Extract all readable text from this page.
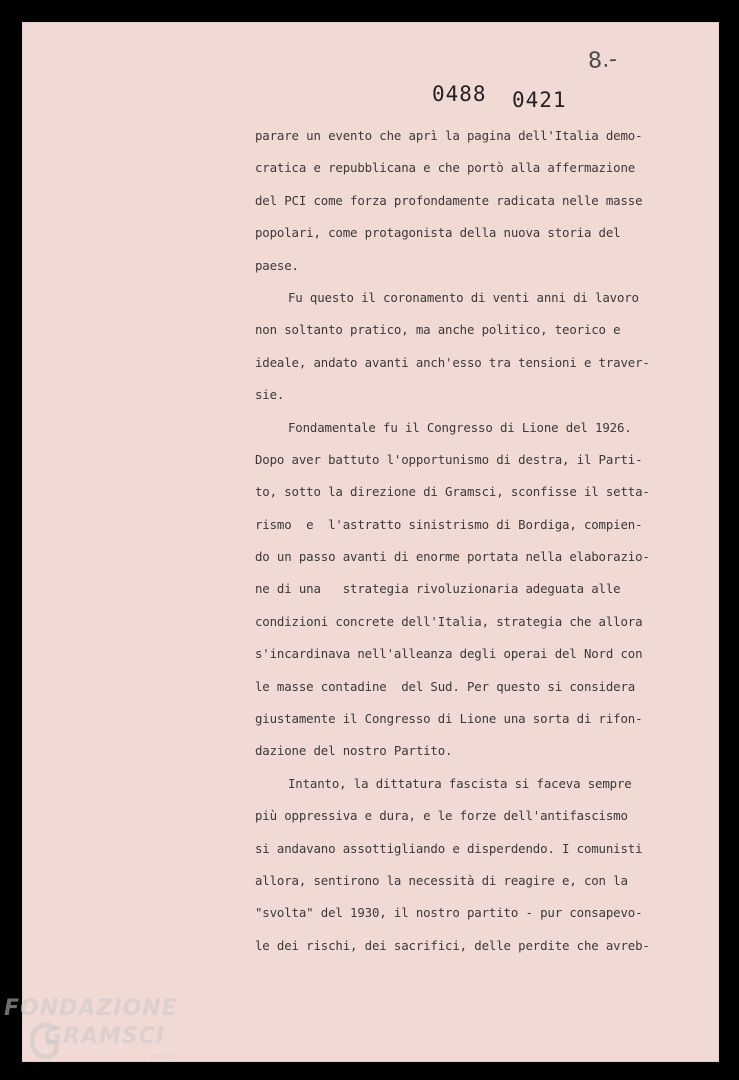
8.-
0488 0421
parare un evento che aprì la pagina dell'Italia demo-
cratica e repubblicana e che portò alla affermazione
del PCI come forza profondamente radicata nelle masse
popolari, come protagonista della nuova storia del
paese.
Fu questo il coronamento di venti anni di lavoro
non soltanto pratico, ma anche politico, teorico e
ideale, andato avanti anch'esso tra tensioni e traver-
sie.
Fondamentale fu il Congresso di Lione del 1926.
Dopo aver battuto l'opportunismo di destra, il Parti-
to, sotto la direzione di Gramsci, sconfisse il setta-
rismo  e  l'astratto sinistrismo di Bordiga, compien-
do un passo avanti di enorme portata nella elaborazio-
ne di una   strategia rivoluzionaria adeguata alle
condizioni concrete dell'Italia, strategia che allora
s'incardinava nell'alleanza degli operai del Nord con
le masse contadine  del Sud. Per questo si considera
giustamente il Congresso di Lione una sorta di rifon-
dazione del nostro Partito.
Intanto, la dittatura fascista si faceva sempre
più oppressiva e dura, e le forze dell'antifascismo
si andavano assottigliando e disperdendo. I comunisti
allora, sentirono la necessità di reagire e, con la
"svolta" del 1930, il nostro partito - pur consapevo-
le dei rischi, dei sacrifici, delle perdite che avreb-
FONDAZIONE
GRAMSCI
onlus
